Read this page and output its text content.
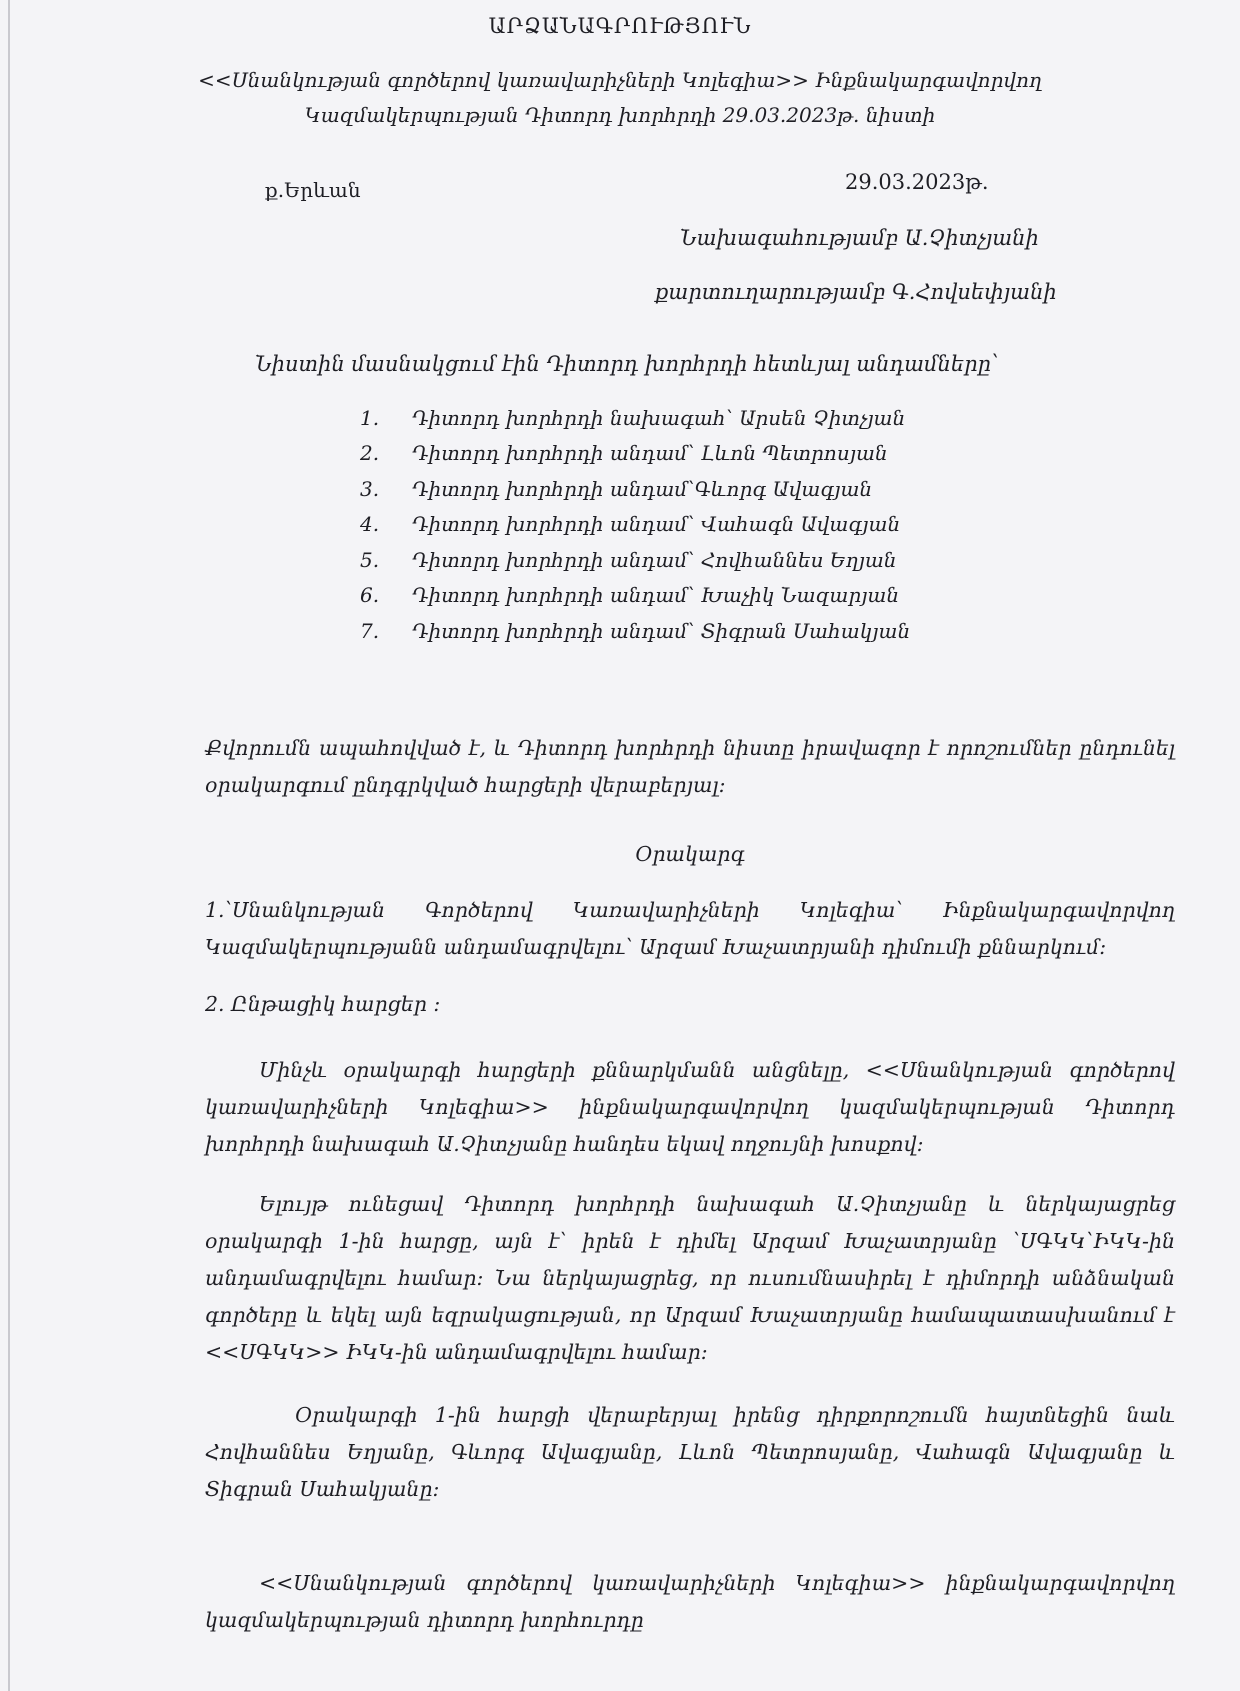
ԱՐՁԱՆԱԳՐՈՒԹՅՈՒՆ
<<Սնանկության գործերով կառավարիչների Կոլեգիա>> Ինքնակարգավորվող
Կազմակերպության Դիտորդ խորհրդի 29.03.2023թ. նիստի
ք.Երևան	29.03.2023թ.
Նախագահությամբ Ա.Չիտչյանի
քարտուղարությամբ Գ.Հովսեփյանի
Նիստին մասնակցում էին Դիտորդ խորհրդի հետևյալ անդամները՝
1.	Դիտորդ խորհրդի նախագահ՝ Արսեն Չիտչյան
2.	Դիտորդ խորհրդի անդամ՝ Լևոն Պետրոսյան
3.	Դիտորդ խորհրդի անդամ՝Գևորգ Ավագյան
4.	Դիտորդ խորհրդի անդամ՝ Վահագն Ավագյան
5.	Դիտորդ խորհրդի անդամ՝ Հովհաննես Եղյան
6.	Դիտորդ խորհրդի անդամ՝ Խաչիկ Նազարյան
7.	Դիտորդ խորհրդի անդամ՝ Տիգրան Սահակյան
Քվորումն ապահովված է, և Դիտորդ խորհրդի նիստը իրավազոր է որոշումներ ընդունել օրակարգում ընդգրկված հարցերի վերաբերյալ:
Օրակարգ
1.՝Սնանկության Գործերով Կառավարիչների Կոլեգիա՝ Ինքնակարգավորվող Կազմակերպությանն անդամագրվելու՝ Արզամ Խաչատրյանի դիմումի քննարկում:
2. Ընթացիկ հարցեր :
Մինչև օրակարգի հարցերի քննարկմանն անցնելը, <<Սնանկության գործերով կառավարիչների Կոլեգիա>> ինքնակարգավորվող կազմակերպության Դիտորդ խորհրդի նախագահ Ա.Չիտչյանը հանդես եկավ ողջույնի խոսքով:
Ելույթ ունեցավ Դիտորդ խորհրդի նախագահ Ա.Չիտչյանը և ներկայացրեց օրակարգի 1-ին հարցը, այն է՝ իրեն է դիմել Արզամ Խաչատրյանը ՝ՍԳԿԿ՝ԻԿԿ-ին անդամագրվելու համար: Նա ներկայացրեց, որ ուսումնասիրել է դիմորդի անձնական գործերը և եկել այն եզրակացության, որ Արզամ Խաչատրյանը համապատասխանում է <<ՍԳԿԿ>> ԻԿԿ-ին անդամագրվելու համար:
Օրակարգի 1-ին հարցի վերաբերյալ իրենց դիրքորոշումն հայտնեցին նաև Հովհաննես Եղյանը, Գևորգ Ավագյանը, Լևոն Պետրոսյանը, Վահագն Ավագյանը և Տիգրան Սահակյանը:
<<Սնանկության գործերով կառավարիչների Կոլեգիա>> ինքնակարգավորվող կազմակերպության դիտորդ խորհուրդը
